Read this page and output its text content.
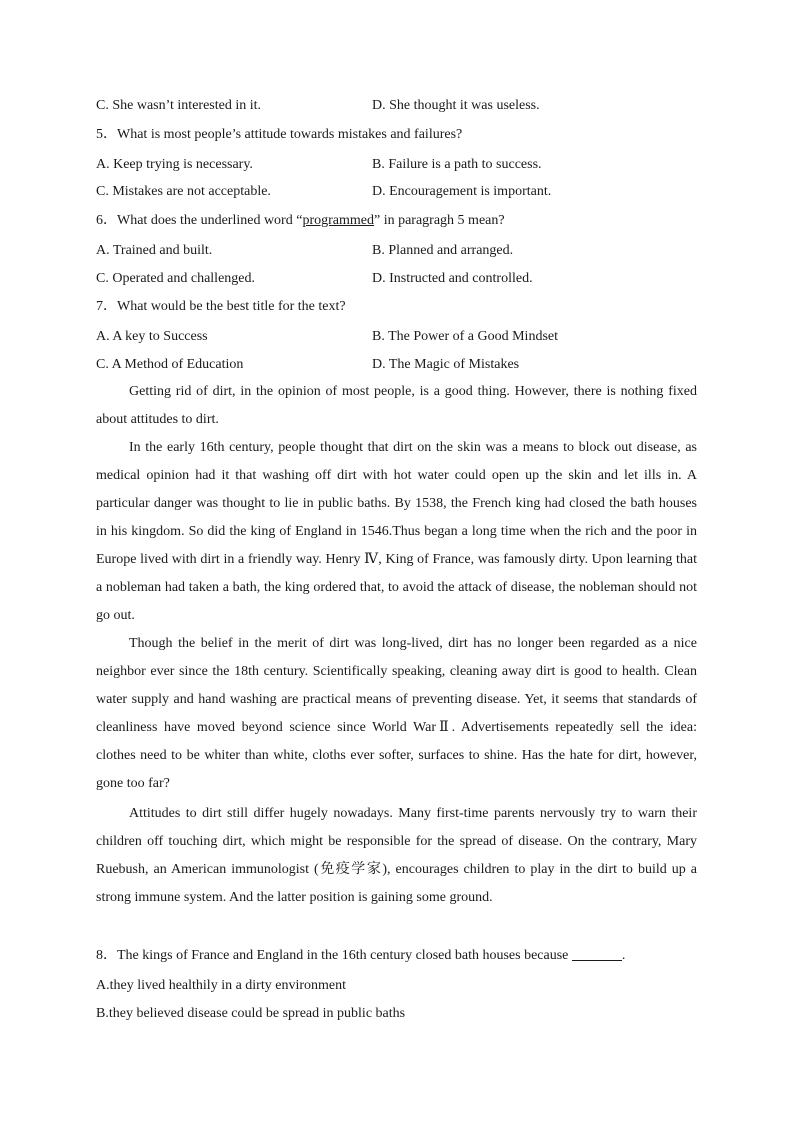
C. She wasn’t interested in it.	D. She thought it was useless.
5．What is most people’s attitude towards mistakes and failures?
A. Keep trying is necessary.	B. Failure is a path to success.
C. Mistakes are not acceptable.	D. Encouragement is important.
6．What does the underlined word “programmed” in paragragh 5 mean?
A. Trained and built.	B. Planned and arranged.
C. Operated and challenged.	D. Instructed and controlled.
7．What would be the best title for the text?
A. A key to Success	B. The Power of a Good Mindset
C. A Method of Education	D. The Magic of Mistakes

Getting rid of dirt, in the opinion of most people, is a good thing. However, there is nothing fixed about attitudes to dirt.

In the early 16th century, people thought that dirt on the skin was a means to block out disease, as medical opinion had it that washing off dirt with hot water could open up the skin and let ills in. A particular danger was thought to lie in public baths. By 1538, the French king had closed the bath houses in his kingdom. So did the king of England in 1546.Thus began a long time when the rich and the poor in Europe lived with dirt in a friendly way. Henry Ⅳ, King of France, was famously dirty. Upon learning that a nobleman had taken a bath, the king ordered that, to avoid the attack of disease, the nobleman should not go out.

Though the belief in the merit of dirt was long-lived, dirt has no longer been regarded as a nice neighbor ever since the 18th century. Scientifically speaking, cleaning away dirt is good to health. Clean water supply and hand washing are practical means of preventing disease. Yet, it seems that standards of cleanliness have moved beyond science since World WarⅡ. Advertisements repeatedly sell the idea: clothes need to be whiter than white, cloths ever softer, surfaces to shine. Has the hate for dirt, however, gone too far?

Attitudes to dirt still differ hugely nowadays. Many first-time parents nervously try to warn their children off touching dirt, which might be responsible for the spread of disease. On the contrary, Mary Ruebush, an American immunologist (免疫学家), encourages children to play in the dirt to build up a strong immune system. And the latter position is gaining some ground.

8．The kings of France and England in the 16th century closed bath houses because	.
A.they lived healthily in a dirty environment
B.they believed disease could be spread in public baths
